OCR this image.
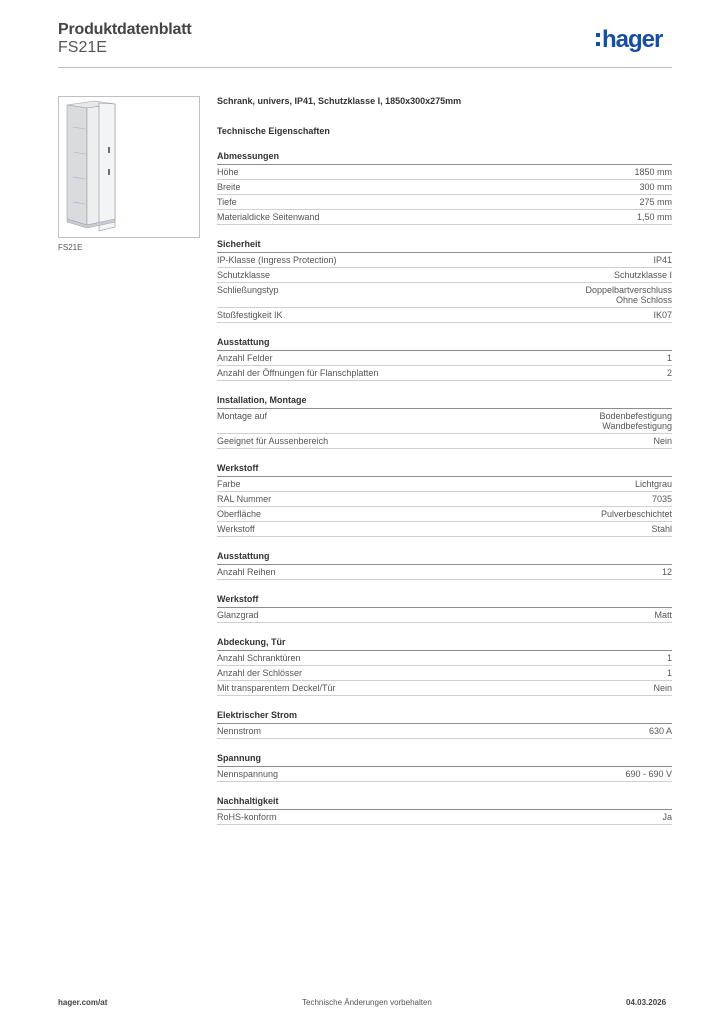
Produktdatenblatt
FS21E	hager
FS21E
Schrank, univers, IP41, Schutzklasse I, 1850x300x275mm
Technische Eigenschaften
Abmessungen
Höhe	1850 mm
Breite	300 mm
Tiefe	275 mm
Materialdicke Seitenwand	1,50 mm
Sicherheit
IP-Klasse (Ingress Protection)	IP41
Schutzklasse	Schutzklasse I
Schließungstyp	Doppelbartverschluss
Ohne Schloss
Stoßfestigkeit IK	IK07
Ausstattung
Anzahl Felder	1
Anzahl der Öffnungen für Flanschplatten	2
Installation, Montage
Montage auf	Bodenbefestigung
Wandbefestigung
Geeignet für Aussenbereich	Nein
Werkstoff
Farbe	Lichtgrau
RAL Nummer	7035
Oberfläche	Pulverbeschichtet
Werkstoff	Stahl
Ausstattung
Anzahl Reihen	12
Werkstoff
Glanzgrad	Matt
Abdeckung, Tür
Anzahl Schranktüren	1
Anzahl der Schlösser	1
Mit transparentem Deckel/Tür	Nein
Elektrischer Strom
Nennstrom	630 A
Spannung
Nennspannung	690 - 690 V
Nachhaltigkeit
RoHS-konform	Ja
hager.com/at	Technische Änderungen vorbehalten	04.03.2026
